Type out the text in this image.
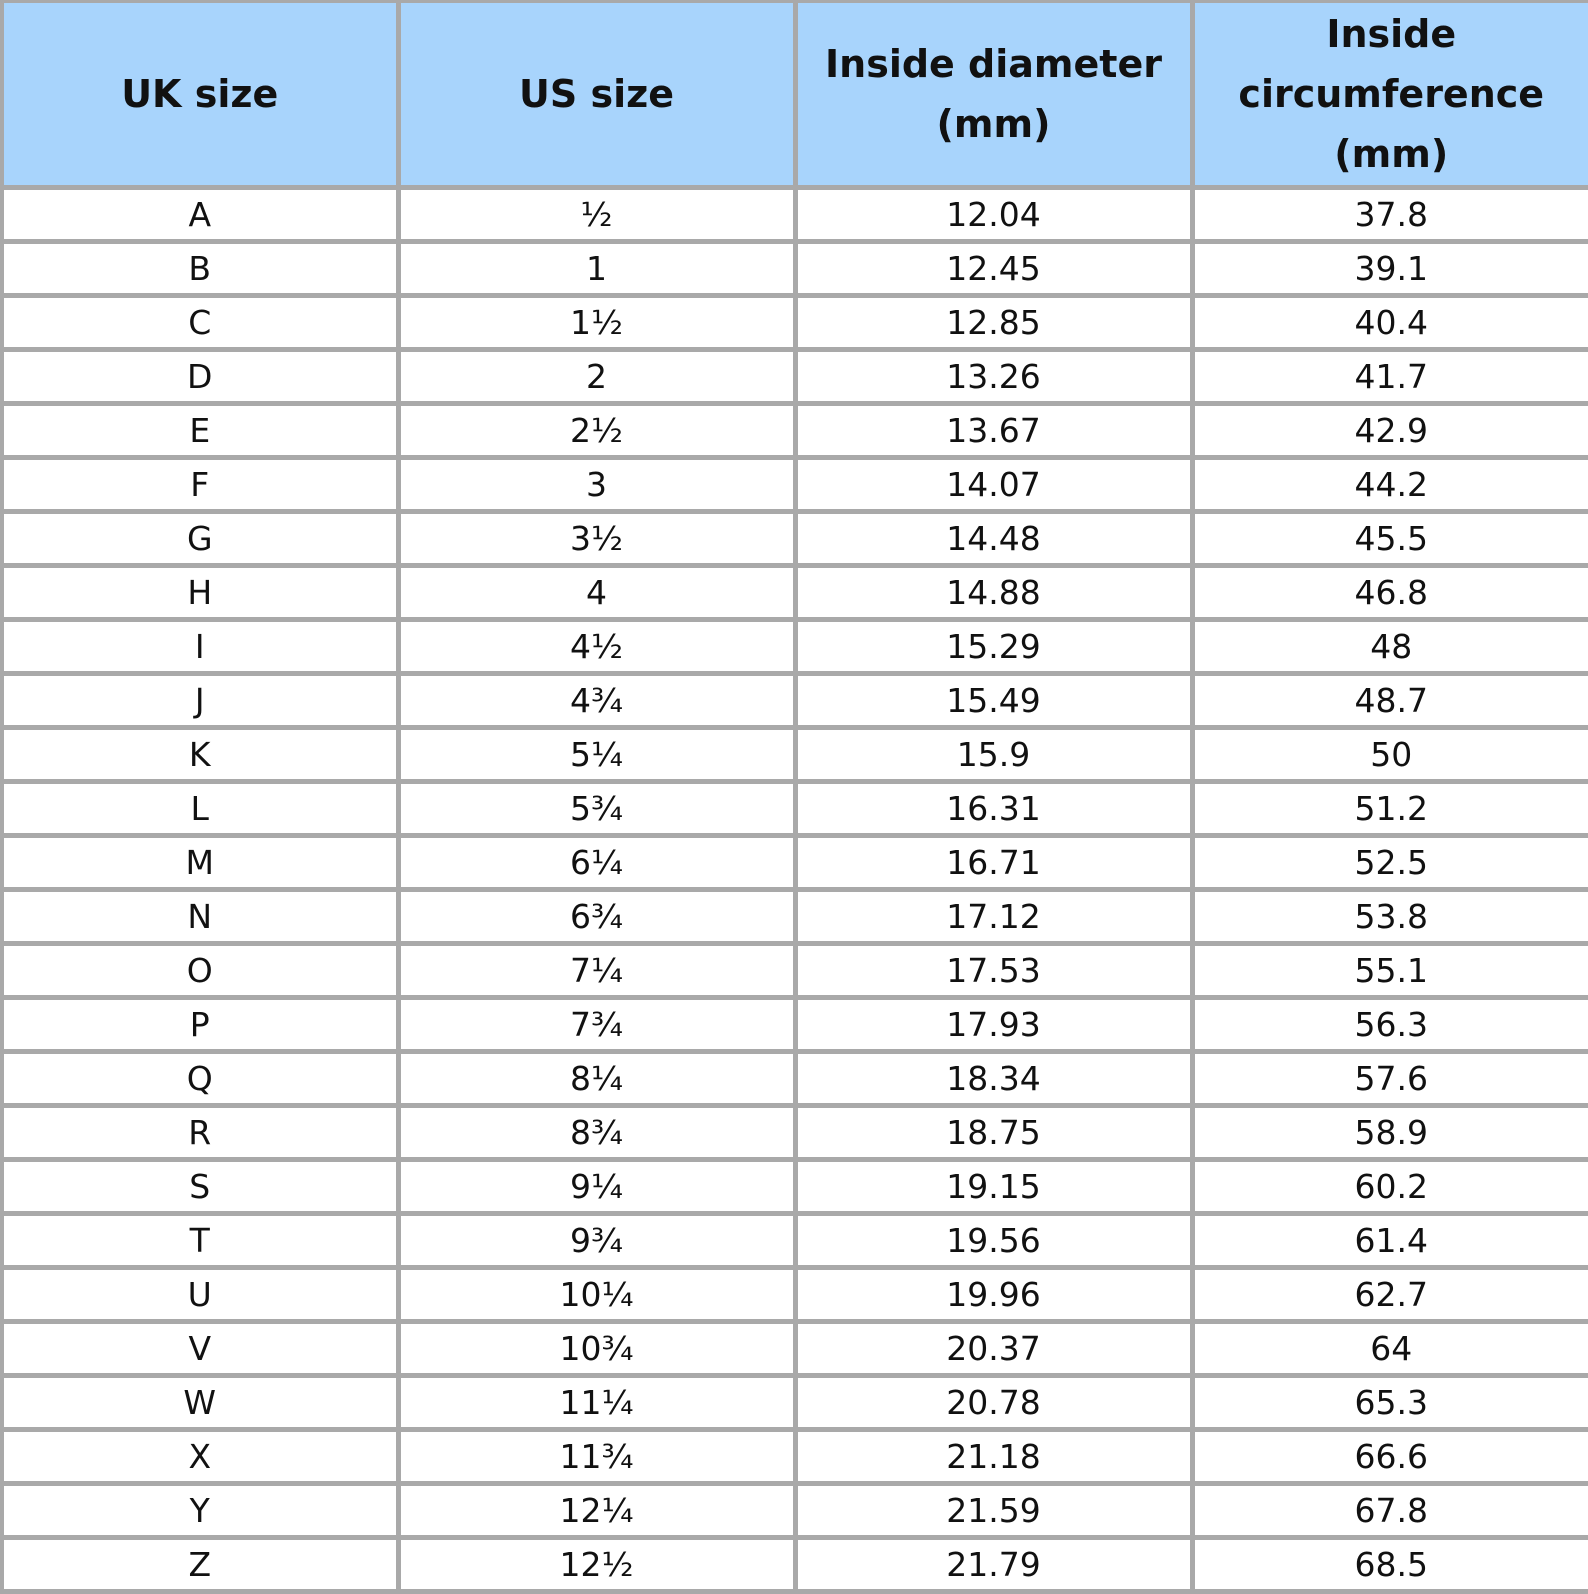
UK size	US size	Inside diameter (mm)	Inside circumference (mm)
A	½	12.04	37.8
B	1	12.45	39.1
C	1½	12.85	40.4
D	2	13.26	41.7
E	2½	13.67	42.9
F	3	14.07	44.2
G	3½	14.48	45.5
H	4	14.88	46.8
I	4½	15.29	48
J	4¾	15.49	48.7
K	5¼	15.9	50
L	5¾	16.31	51.2
M	6¼	16.71	52.5
N	6¾	17.12	53.8
O	7¼	17.53	55.1
P	7¾	17.93	56.3
Q	8¼	18.34	57.6
R	8¾	18.75	58.9
S	9¼	19.15	60.2
T	9¾	19.56	61.4
U	10¼	19.96	62.7
V	10¾	20.37	64
W	11¼	20.78	65.3
X	11¾	21.18	66.6
Y	12¼	21.59	67.8
Z	12½	21.79	68.5
